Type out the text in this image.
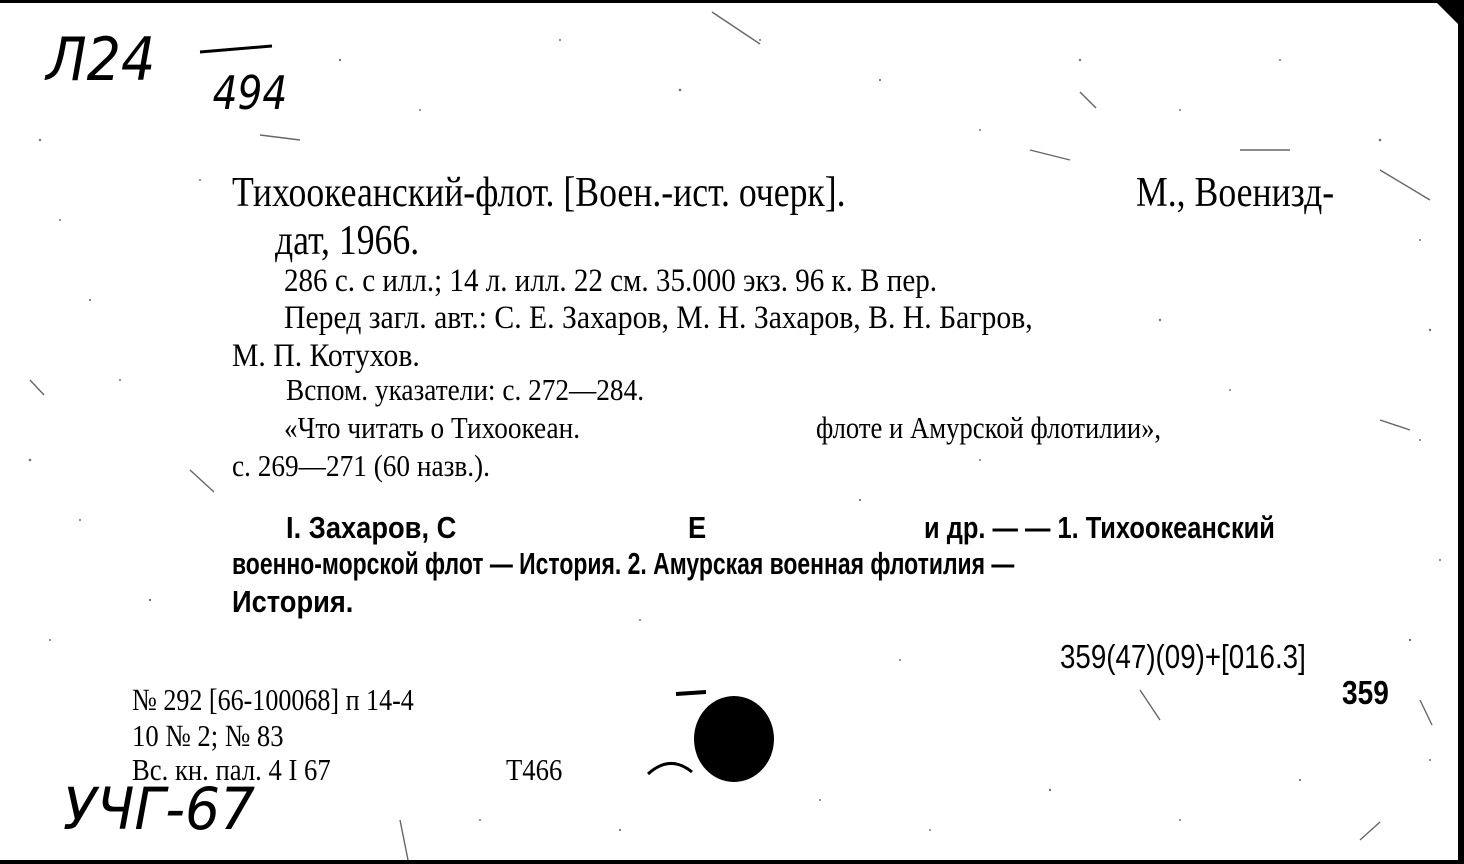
Л24 494
УЧГ-67
Тихоокеанский-флот. [Воен.-ист. очерк].	М., Военизд-
дат, 1966.
286 с. с илл.; 14 л. илл. 22 см. 35.000 экз. 96 к. В пер.
Перед загл. авт.: С. Е. Захаров, М. Н. Захаров, В. Н. Багров,
М. П. Котухов.
Вспом. указатели: с. 272—284.
«Что читать о Тихоокеан.	флоте и Амурской флотилии»,
с. 269—271 (60 назв.).
I. Захаров, С	Е	и др. — — 1. Тихоокеанский
военно-морской флот — История. 2. Амурская военная флотилия —
История.
359(47)(09)+[016.3]
359
№ 292 [66-100068] п 14-4
10 № 2; № 83
Вс. кн. пал. 4 I 67	Т466
